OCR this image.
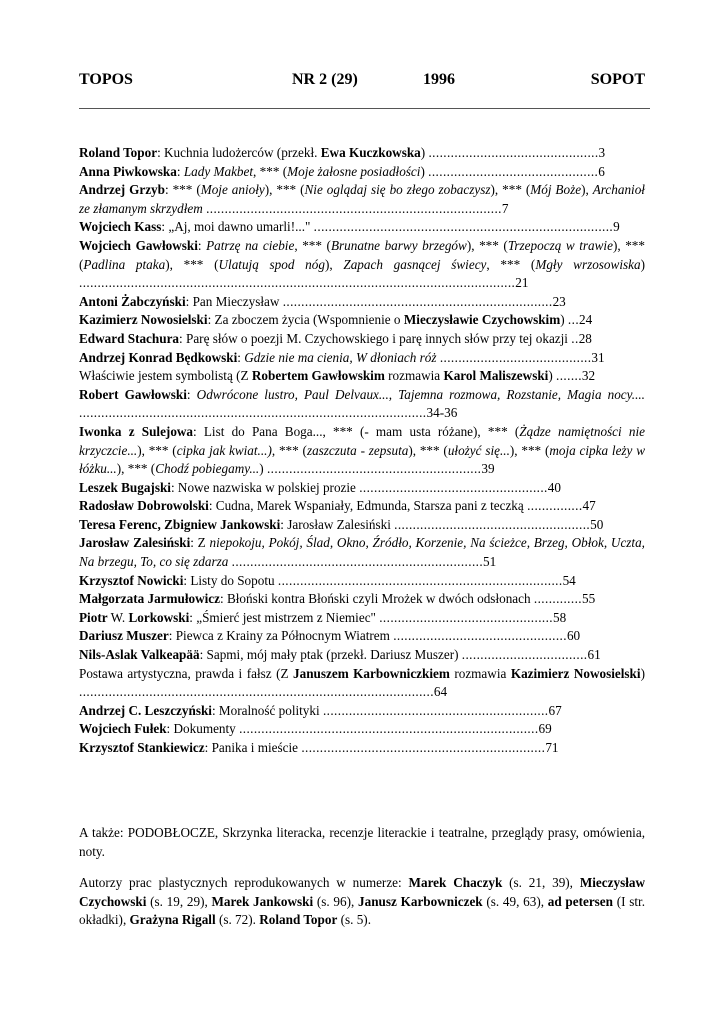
TOPOS	NR 2 (29)	1996	SOPOT
Roland Topor: Kuchnia ludożerców (przekł. Ewa Kuczkowska) ..............................................3
Anna Piwkowska: Lady Makbet, *** (Moje żałosne posiadłości) ..............................................6
Andrzej Grzyb: *** (Moje anioły), *** (Nie oglądaj się bo złego zobaczysz), *** (Mój Boże), Archanioł ze złamanym skrzydłem ................................................................................7
Wojciech Kass: „Aj, moi dawno umarli!..." .................................................................................9
Wojciech Gawłowski: Patrzę na ciebie, *** (Brunatne barwy brzegów), *** (Trzepoczą w trawie), *** (Padlina ptaka), *** (Ulatują spod nóg), Zapach gasnącej świecy, *** (Mgły wrzosowiska) ......................................................................................................................21
Antoni Żabczyński: Pan Mieczysław .........................................................................23
Kazimierz Nowosielski: Za zboczem życia (Wspomnienie o Mieczysławie Czychowskim) ...24
Edward Stachura: Parę słów o poezji M. Czychowskiego i parę innych słów przy tej okazji ..28
Andrzej Konrad Będkowski: Gdzie nie ma cienia, W dłoniach róż .........................................31
Właściwie jestem symbolistą (Z Robertem Gawłowskim rozmawia Karol Maliszewski) .......32
Robert Gawłowski: Odwrócone lustro, Paul Delvaux..., Tajemna rozmowa, Rozstanie, Magia nocy.... ..............................................................................................34-36
Iwonka z Sulejowa: List do Pana Boga..., *** (- mam usta różane), *** (Żądze namiętności nie krzyczcie...), *** (cipka jak kwiat...), *** (zaszczuta - zepsuta), *** (ułożyć się...), *** (moja cipka leży w łóżku...), *** (Chodź pobiegamy...) ..........................................................39
Leszek Bugajski: Nowe nazwiska w polskiej prozie ...................................................40
Radosław Dobrowolski: Cudna, Marek Wspaniały, Edmunda, Starsza pani z teczką ...............47
Teresa Ferenc, Zbigniew Jankowski: Jarosław Zalesiński .....................................................50
Jarosław Zalesiński: Z niepokoju, Pokój, Ślad, Okno, Źródło, Korzenie, Na ścieżce, Brzeg, Obłok, Uczta, Na brzegu, To, co się zdarza ....................................................................51
Krzysztof Nowicki: Listy do Sopotu .............................................................................54
Małgorzata Jarmułowicz: Błoński kontra Błoński czyli Mrożek w dwóch odsłonach .............55
Piotr W. Lorkowski: „Śmierć jest mistrzem z Niemiec" ...............................................58
Dariusz Muszer: Piewca z Krainy za Północnym Wiatrem ...............................................60
Nils-Aslak Valkeapää: Sapmi, mój mały ptak (przekł. Dariusz Muszer) ..................................61
Postawa artystyczna, prawda i fałsz (Z Januszem Karbowniczkiem rozmawia Kazimierz Nowosielski) ................................................................................................64
Andrzej C. Leszczyński: Moralność polityki .............................................................67
Wojciech Fułek: Dokumenty .................................................................................69
Krzysztof Stankiewicz: Panika i mieście ..................................................................71

A także: PODOBŁOCZE, Skrzynka literacka, recenzje literackie i teatralne, przeglądy prasy, omówienia, noty.

Autorzy prac plastycznych reprodukowanych w numerze: Marek Chaczyk (s. 21, 39), Mieczysław Czychowski (s. 19, 29), Marek Jankowski (s. 96), Janusz Karbowniczek (s. 49, 63), ad petersen (I str. okładki), Grażyna Rigall (s. 72). Roland Topor (s. 5).
